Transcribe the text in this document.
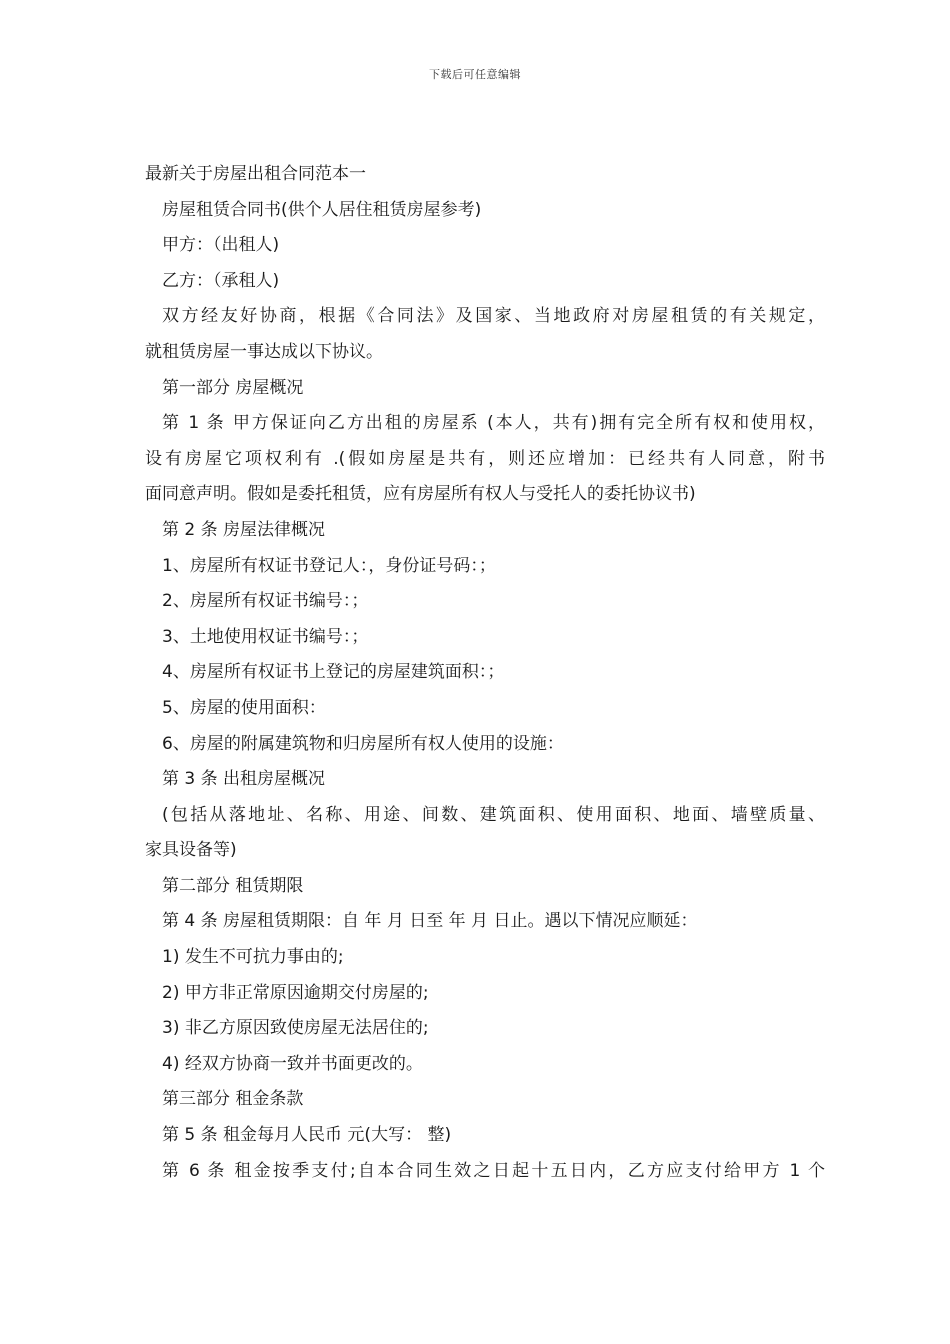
下载后可任意编辑
最新关于房屋出租合同范本一
房屋租赁合同书(供个人居住租赁房屋参考)
甲方：（出租人)
乙方：（承租人)
双方经友好协商，根据《合同法》及国家、当地政府对房屋租赁的有关规定，
就租赁房屋一事达成以下协议。
第一部分 房屋概况
第 1 条 甲方保证向乙方出租的房屋系 (本人，共有)拥有完全所有权和使用权，
设有房屋它项权利有 .(假如房屋是共有，则还应增加：已经共有人同意，附书
面同意声明。假如是委托租赁，应有房屋所有权人与受托人的委托协议书)
第 2 条 房屋法律概况
1、房屋所有权证书登记人：，身份证号码：；
2、房屋所有权证书编号：；
3、土地使用权证书编号：；
4、房屋所有权证书上登记的房屋建筑面积：；
5、房屋的使用面积：
6、房屋的附属建筑物和归房屋所有权人使用的设施：
第 3 条 出租房屋概况
(包括从落地址、名称、用途、间数、建筑面积、使用面积、地面、墙壁质量、
家具设备等)
第二部分 租赁期限
第 4 条 房屋租赁期限：自 年 月 日至 年 月 日止。遇以下情况应顺延：
1) 发生不可抗力事由的;
2) 甲方非正常原因逾期交付房屋的;
3) 非乙方原因致使房屋无法居住的;
4) 经双方协商一致并书面更改的。
第三部分 租金条款
第 5 条 租金每月人民币 元(大写： 整)
第 6 条 租金按季支付;自本合同生效之日起十五日内，乙方应支付给甲方 1 个
